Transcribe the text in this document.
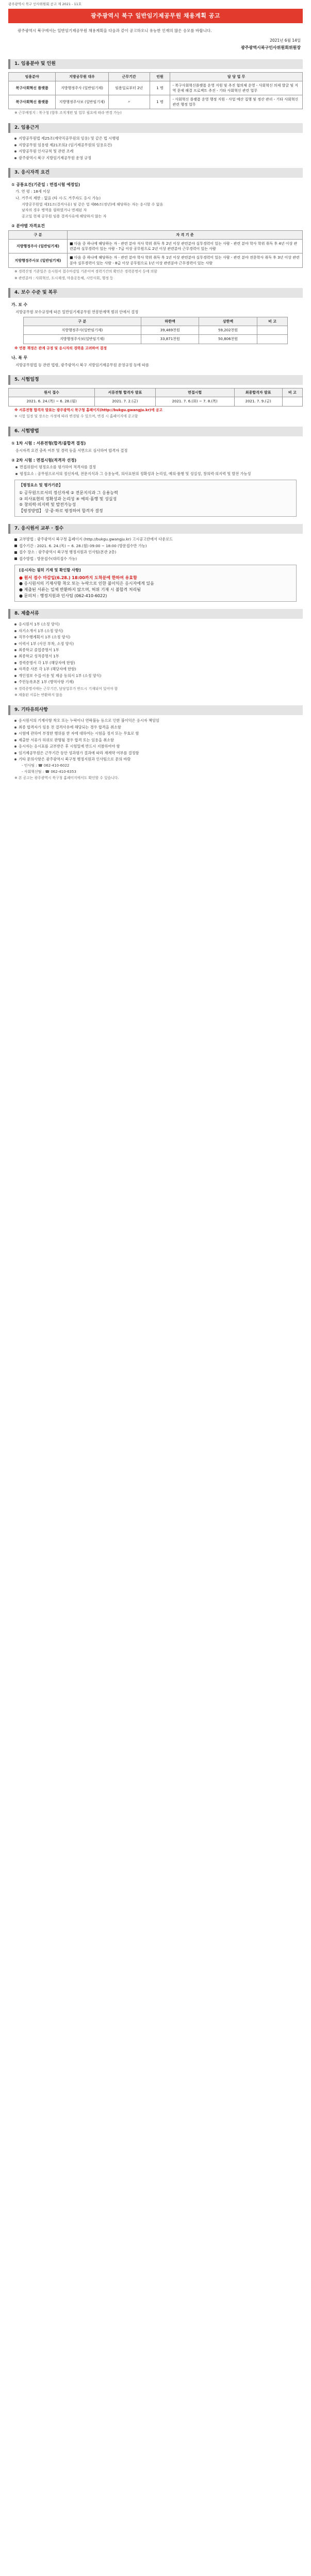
광주광역시 북구 인사위원회 공고 제 2021 - 11호
광주광역시 북구 일반임기제공무원 채용계획 공고
광주광역시 북구에서는 일반임기제공무원 채용계획을 다음과 같이 공고하오니 유능한 인재의 많은 응모를 바랍니다.
2021년 6월 14일
광주광역시북구인사위원회위원장
1. 임용분야 및 인원
임용분야	지방공무원 대우	근무기간	인원	담 당 업 무
북구사회혁신 플랫폼	지방행정주사 (일반임기제)	임용일로부터 2년	1 명	- 북구사회혁신플랫폼 운영 지원 및 추진 협의체 운영 - 사회혁신 의제 발굴 및 지역 문제 해결 프로젝트 추진 - 기타 사회혁신 관련 업무
북구사회혁신 플랫폼	지방행정주사보 (일반임기제)	〃	1 명	- 사회혁신 플랫폼 운영 행정 지원 - 사업 예산 집행 및 정산 관리 - 기타 사회혁신 관련 행정 업무
※ 근무예정지 : 북구청 (향후 조직개편 및 업무 필요에 따라 변경 가능)
2. 임용근거
지방공무원법 제25조(계약직공무원의 임용) 및 같은 법 시행령
지방공무원 임용령 제21조의2 (임기제공무원의 임용요건)
지방공무원 인사규칙 및 관련 조례
광주광역시 북구 지방임기제공무원 운영 규정
3. 응시자격 요건
① 공통요건(기준일 : 면접시험 예정일)
가. 연 령 : 18세 이상
나. 거주지 제한 : 없음 (타 시·도 거주자도 응시 가능)
지방공무원법 제31조(결격사유) 및 같은 법 제66조(정년)에 해당하는 자는 응시할 수 없음
남자의 경우 병역을 필하였거나 면제된 자
공고일 현재 공무원 임용 결격사유에 해당하지 않는 자
② 분야별 자격요건
구 분	자 격 기 준
지방행정주사 (일반임기제)	■ 다음 중 하나에 해당하는 자 - 관련 분야 석사 학위 취득 후 2년 이상 관련분야 실무경력이 있는 사람 - 관련 분야 학사 학위 취득 후 4년 이상 관련분야 실무경력이 있는 사람 - 7급 이상 공무원으로 2년 이상 관련분야 근무경력이 있는 사람
지방행정주사보 (일반임기제)	■ 다음 중 하나에 해당하는 자 - 관련 분야 학사 학위 취득 후 1년 이상 관련분야 실무경력이 있는 사람 - 관련 분야 전문학사 취득 후 3년 이상 관련분야 실무경력이 있는 사람 - 8급 이상 공무원으로 1년 이상 관련분야 근무경력이 있는 사람
※ 경력산정 기준일은 응시원서 접수마감일 기준이며 경력기간의 확인은 경력증명서 등에 의함
※ 관련분야 : 사회혁신, 도시재생, 마을공동체, 시민사회, 행정 등
4. 보수 수준 및 복무
가. 보 수
지방공무원 보수규정에 따른 일반임기제공무원 연봉한계액 범위 안에서 결정
구 분	하한액	상한액	비 고
지방행정주사(일반임기제)	39,469천원	59,202천원	
지방행정주사보(일반임기제)	33,871천원	50,806천원	
※ 연봉 책정은 관계 규정 및 응시자의 경력을 고려하여 결정
나. 복 무
지방공무원법 등 관련 법령, 광주광역시 북구 지방임기제공무원 운영규정 등에 따름
5. 시험일정
원서 접수	서류전형 합격자 발표	면접시험	최종합격자 발표	비 고
2021. 6. 24.(목) ~ 6. 28.(월)	2021. 7. 2.(금)	2021. 7. 6.(화) ~ 7. 8.(목)	2021. 7. 9.(금)	
※ 서류전형 합격자 발표는 광주광역시 북구청 홈페이지(http://bukgu.gwangju.kr)에 공고
※ 시험 일정 및 장소는 사정에 따라 변경될 수 있으며, 변경 시 홈페이지에 공고함
6. 시험방법
① 1차 시험 : 서류전형(합격/불합격 결정)
응시자격 요건 충족 여부 및 경력 등을 서면으로 심사하여 합격자 결정
② 2차 시험 : 면접시험(적격자 선정)
면접위원이 평정요소를 평가하여 적격자를 결정
평정요소 : 공무원으로서의 정신자세, 전문지식과 그 응용능력, 의사표현의 정확성과 논리성, 예의·품행 및 성실성, 창의력·의지력 및 발전 가능성
【평정요소 및 평가기준】
① 공무원으로서의 정신자세 ② 전문지식과 그 응용능력
③ 의사표현의 정확성과 논리성 ④ 예의·품행 및 성실성
⑤ 창의력·의지력 및 발전가능성
【평정방법】 상·중·하로 평정하여 합격자 결정
7. 응시원서 교부 · 접수
교부방법 : 광주광역시 북구청 홈페이지 (http://bukgu.gwangju.kr) 고시공고란에서 다운로드
접수기간 : 2021. 6. 24.(목) ~ 6. 28.(월) 09:00 ~ 18:00 (방문접수만 가능)
접수 장소 : 광주광역시 북구청 행정지원과 인사팀(본관 2층)
접수방법 : 방문접수(대리접수 가능)
[응시자는 필히 기재 및 확인할 사항]
● 원서 접수 마감일(6.28.) 18:00까지 도착분에 한하여 유효함
● 응시원서의 기재사항 착오 또는 누락으로 인한 불이익은 응시자에게 있음
● 제출된 서류는 일체 반환하지 않으며, 허위 기재 시 불합격 처리됨
● 문의처 : 행정지원과 인사팀 (062-410-6022)
8. 제출서류
응시원서 1부 (소정 양식)
자기소개서 1부 (소정 양식)
직무수행계획서 1부 (소정 양식)
이력서 1부 (사진 부착, 소정 양식)
최종학교 졸업증명서 1부
최종학교 성적증명서 1부
경력증명서 각 1부 (해당자에 한함)
자격증 사본 각 1부 (해당자에 한함)
개인정보 수집·이용 및 제공 동의서 1부 (소정 양식)
주민등록초본 1부 (병역사항 기재)
※ 경력증명서에는 근무기간, 담당업무가 반드시 기재되어 있어야 함
※ 제출된 서류는 반환하지 않음
9. 기타유의사항
응시원서의 기재사항 착오 또는 누락이나 연락불능 등으로 인한 불이익은 응시자 책임임
최종 합격자가 임용 전 결격사유에 해당되는 경우 합격을 취소함
시험에 관하여 부정한 행위를 한 자에 대하여는 시험을 정지 또는 무효로 함
제출한 서류가 허위로 판명될 경우 합격 또는 임용을 취소함
응시자는 응시표를 교부받은 후 시험일에 반드시 지참하여야 함
임기제공무원은 근무기간 동안 성과평가 결과에 따라 재계약 여부를 결정함
기타 문의사항은 광주광역시 북구청 행정지원과 인사팀으로 문의 바람
- 인사팀 : ☎ 062-410-6022
- 사회혁신팀 : ☎ 062-410-6353
※ 본 공고는 광주광역시 북구청 홈페이지에서도 확인할 수 있습니다.
